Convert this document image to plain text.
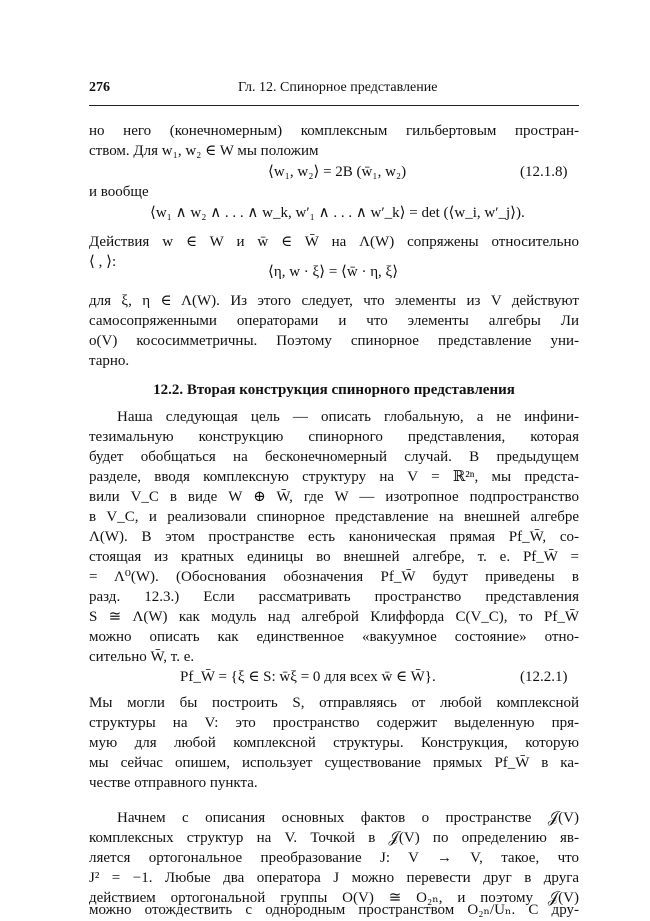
276	Гл. 12. Спинорное представление
но него (конечномерным) комплексным гильбертовым простран-
ством. Для w₁, w₂ ∈ W мы положим
⟨w₁, w₂⟩ = 2B (w̄₁, w₂)	(12.1.8)
и вообще
⟨w₁ ∧ w₂ ∧ . . . ∧ w_k, w′₁ ∧ . . . ∧ w′_k⟩ = det (⟨w_i, w′_j⟩).
Действия w ∈ W и w̄ ∈ W̄ на Λ(W) сопряжены относительно
⟨ , ⟩:
⟨η, w · ξ⟩ = ⟨w̄ · η, ξ⟩
для ξ, η ∈ Λ(W). Из этого следует, что элементы из V действуют
самосопряженными операторами и что элементы алгебры Ли
o(V) кососимметричны. Поэтому спинорное представление уни-
тарно.
12.2. Вторая конструкция спинорного представления
Наша следующая цель — описать глобальную, а не инфини-
тезимальную конструкцию спинорного представления, которая
будет обобщаться на бесконечномерный случай. В предыдущем
разделе, вводя комплексную структуру на V = ℝ²ⁿ, мы предста-
вили V_C в виде W ⊕ W̄, где W — изотропное подпространство
в V_C, и реализовали спинорное представление на внешней алгебре
Λ(W). В этом пространстве есть каноническая прямая Pf_W̄, со-
стоящая из кратных единицы во внешней алгебре, т. е. Pf_W̄ =
= Λ⁰(W). (Обоснования обозначения Pf_W̄ будут приведены в
разд. 12.3.) Если рассматривать пространство представления
S ≅ Λ(W) как модуль над алгеброй Клиффорда C(V_C), то Pf_W̄
можно описать как единственное «вакуумное состояние» отно-
сительно W̄, т. е.
Pf_W̄ = {ξ ∈ S: w̄ξ = 0 для всех w̄ ∈ W̄}.	(12.2.1)
Мы могли бы построить S, отправляясь от любой комплексной
структуры на V: это пространство содержит выделенную пря-
мую для любой комплексной структуры. Конструкция, которую
мы сейчас опишем, использует существование прямых Pf_W̄ в ка-
честве отправного пункта.
Начнем с описания основных фактов о пространстве 𝒥(V)
комплексных структур на V. Точкой в 𝒥(V) по определению яв-
ляется ортогональное преобразование J: V → V, такое, что
J² = −1. Любые два оператора J можно перевести друг в друга
действием ортогональной группы O(V) ≅ O₂ₙ, и поэтому 𝒥(V)
можно отождествить с однородным пространством O₂ₙ/Uₙ. С дру-
